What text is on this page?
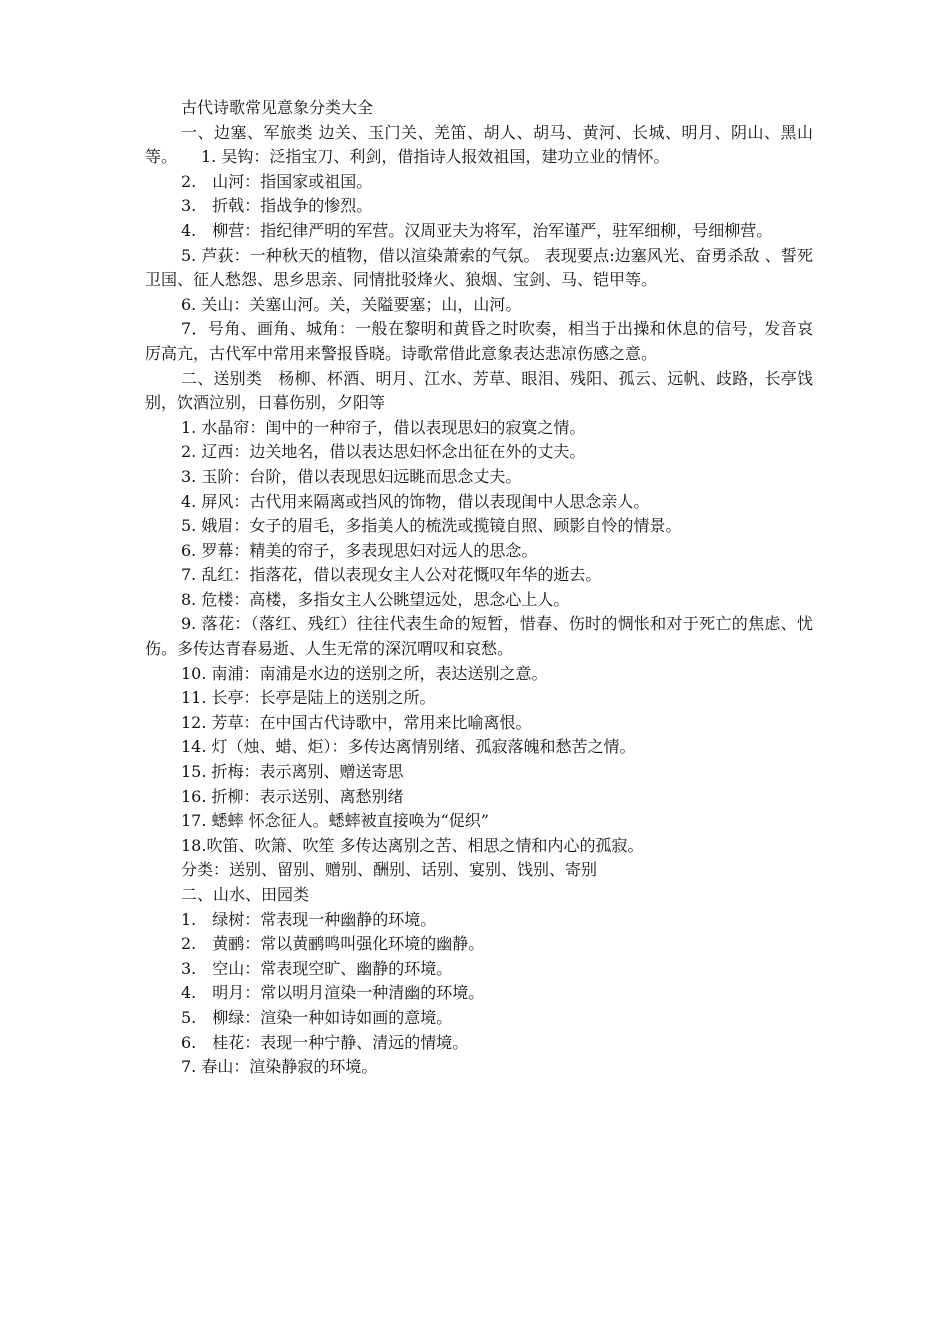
古代诗歌常见意象分类大全

一、边塞、军旅类 边关、玉门关、羌笛、胡人、胡马、黄河、长城、明月、阴山、黑山等。　　1. 吴钩：泛指宝刀、利剑，借指诗人报效祖国，建功立业的情怀。

2.　山河：指国家或祖国。

3.　折戟：指战争的惨烈。

4.　柳营：指纪律严明的军营。汉周亚夫为将军，治军谨严，驻军细柳，号细柳营。

5. 芦荻：一种秋天的植物，借以渲染萧索的气氛。 表现要点:边塞风光、奋勇杀敌 、誓死卫国、征人愁怨、思乡思亲、同情批驳烽火、狼烟、宝剑、马、铠甲等。

6. 关山：关塞山河。关，关隘要塞；山，山河。

7．号角、画角、城角：一般在黎明和黄昏之时吹奏，相当于出操和休息的信号，发音哀厉高亢，古代军中常用来警报昏晓。诗歌常借此意象表达悲凉伤感之意。

二、送别类　杨柳、杯酒、明月、江水、芳草、眼泪、残阳、孤云、远帆、歧路，长亭饯别，饮酒泣别，日暮伤别，夕阳等

1. 水晶帘：闺中的一种帘子，借以表现思妇的寂寞之情。

2. 辽西：边关地名，借以表达思妇怀念出征在外的丈夫。

3. 玉阶：台阶，借以表现思妇远眺而思念丈夫。

4. 屏风：古代用来隔离或挡风的饰物，借以表现闺中人思念亲人。

5. 娥眉：女子的眉毛，多指美人的梳洗或揽镜自照、顾影自怜的情景。

6. 罗幕：精美的帘子，多表现思妇对远人的思念。

7. 乱红：指落花，借以表现女主人公对花慨叹年华的逝去。

8. 危楼：高楼，多指女主人公眺望远处，思念心上人。

9. 落花：（落红、残红）往往代表生命的短暂，惜春、伤时的惆怅和对于死亡的焦虑、忧伤。多传达青春易逝、人生无常的深沉喟叹和哀愁。

10. 南浦：南浦是水边的送别之所，表达送别之意。

11. 长亭：长亭是陆上的送别之所。

12. 芳草：在中国古代诗歌中，常用来比喻离恨。

14. 灯（烛、蜡、炬）：多传达离情别绪、孤寂落魄和愁苦之情。

15. 折梅：表示离别、赠送寄思

16. 折柳：表示送别、离愁别绪

17. 蟋蟀 怀念征人。蟋蟀被直接唤为“促织”

18.吹笛、吹箫、吹笙 多传达离别之苦、相思之情和内心的孤寂。

分类：送别、留别、赠别、酬别、话别、宴别、饯别、寄别

二、山水、田园类

1.　绿树：常表现一种幽静的环境。

2.　黄鹂：常以黄鹂鸣叫强化环境的幽静。

3.　空山：常表现空旷、幽静的环境。

4.　明月：常以明月渲染一种清幽的环境。

5.　柳绿：渲染一种如诗如画的意境。

6.　桂花：表现一种宁静、清远的情境。

7. 春山：渲染静寂的环境。
